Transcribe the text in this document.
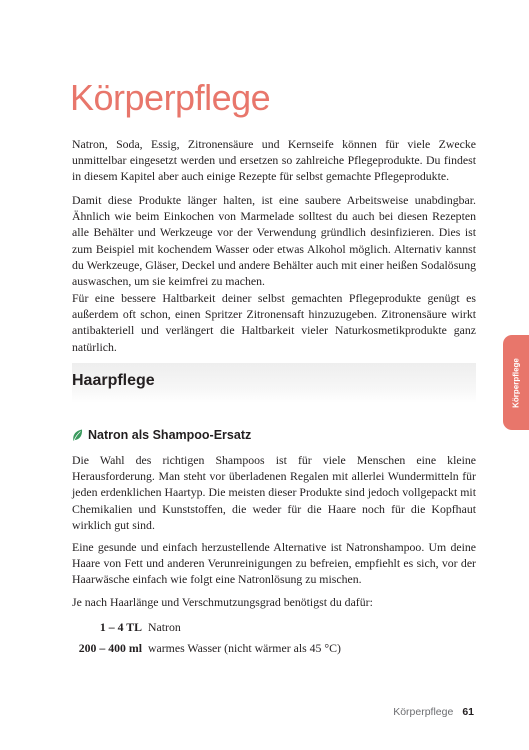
Körperpflege

Natron, Soda, Essig, Zitronensäure und Kernseife können für viele Zwecke unmittelbar eingesetzt werden und ersetzen so zahlreiche Pflegeprodukte. Du findest in diesem Kapitel aber auch einige Rezepte für selbst gemachte Pflegeprodukte.

Damit diese Produkte länger halten, ist eine saubere Arbeitsweise unabdingbar. Ähnlich wie beim Einkochen von Marmelade solltest du auch bei diesen Rezepten alle Behälter und Werkzeuge vor der Verwendung gründlich desinfizieren. Dies ist zum Beispiel mit kochendem Wasser oder etwas Alkohol möglich. Alternativ kannst du Werkzeuge, Gläser, Deckel und andere Behälter auch mit einer heißen Sodalösung auswaschen, um sie keimfrei zu machen.

Für eine bessere Haltbarkeit deiner selbst gemachten Pflegeprodukte genügt es außerdem oft schon, einen Spritzer Zitronensaft hinzuzugeben. Zitronensäure wirkt antibakteriell und verlängert die Haltbarkeit vieler Naturkosmetikprodukte ganz natürlich.

Haarpflege
Natron als Shampoo-Ersatz

Die Wahl des richtigen Shampoos ist für viele Menschen eine kleine Herausforderung. Man steht vor überladenen Regalen mit allerlei Wundermitteln für jeden erdenklichen Haartyp. Die meisten dieser Produkte sind jedoch vollgepackt mit Chemikalien und Kunststoffen, die weder für die Haare noch für die Kopfhaut wirklich gut sind.

Eine gesunde und einfach herzustellende Alternative ist Natronshampoo. Um deine Haare von Fett und anderen Verunreinigungen zu befreien, empfiehlt es sich, vor der Haarwäsche einfach wie folgt eine Natronlösung zu mischen.

Je nach Haarlänge und Verschmutzungsgrad benötigst du dafür:

1 – 4 TL Natron
200 – 400 ml warmes Wasser (nicht wärmer als 45 °C)
Körperpflege
Körperpflege 61
